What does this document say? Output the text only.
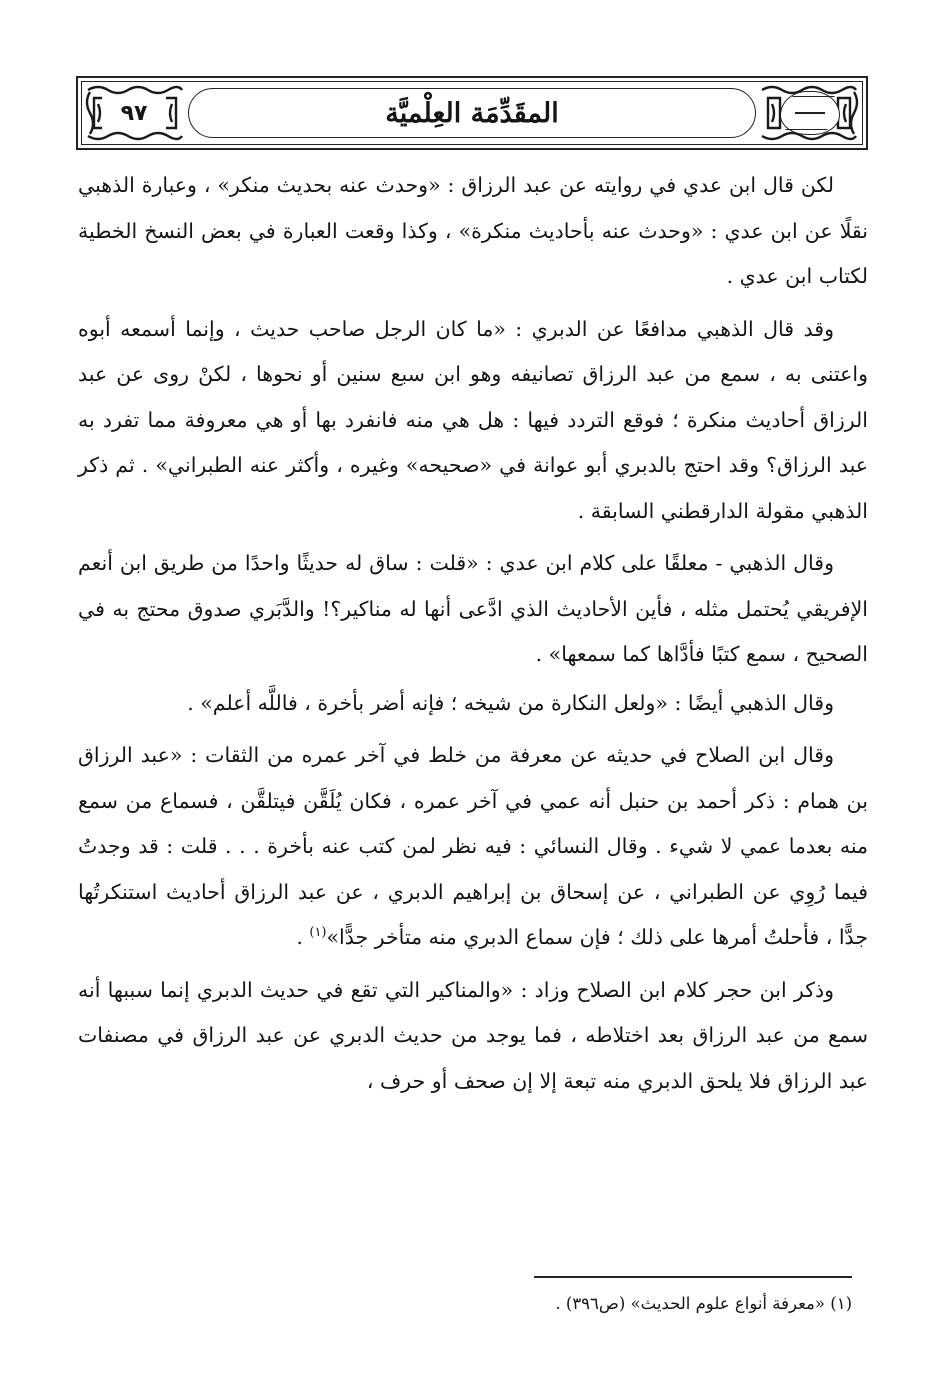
٩٧	المقَدِّمَة العِلْميَّة

لكن قال ابن عدي في روايته عن عبد الرزاق : «وحدث عنه بحديث منكر» ، وعبارة الذهبي نقلًا عن ابن عدي : «وحدث عنه بأحاديث منكرة» ، وكذا وقعت العبارة في بعض النسخ الخطية لكتاب ابن عدي .

وقد قال الذهبي مدافعًا عن الدبري : «ما كان الرجل صاحب حديث ، وإنما أسمعه أبوه واعتنى به ، سمع من عبد الرزاق تصانيفه وهو ابن سبع سنين أو نحوها ، لكنْ روى عن عبد الرزاق أحاديث منكرة ؛ فوقع التردد فيها : هل هي منه فانفرد بها أو هي معروفة مما تفرد به عبد الرزاق؟ وقد احتج بالدبري أبو عوانة في «صحيحه» وغيره ، وأكثر عنه الطبراني» . ثم ذكر الذهبي مقولة الدارقطني السابقة .

وقال الذهبي - معلقًا على كلام ابن عدي : «قلت : ساق له حديثًا واحدًا من طريق ابن أنعم الإفريقي يُحتمل مثله ، فأين الأحاديث الذي ادَّعى أنها له مناكير؟! والدَّبَري صدوق محتج به في الصحيح ، سمع كتبًا فأدَّاها كما سمعها» .

وقال الذهبي أيضًا : «ولعل النكارة من شيخه ؛ فإنه أضر بأخرة ، فاللَّه أعلم» .

وقال ابن الصلاح في حديثه عن معرفة من خلط في آخر عمره من الثقات : «عبد الرزاق بن همام : ذكر أحمد بن حنبل أنه عمي في آخر عمره ، فكان يُلَقَّن فيتلقَّن ، فسماع من سمع منه بعدما عمي لا شيء . وقال النسائي : فيه نظر لمن كتب عنه بأخرة . . . قلت : قد وجدتُ فيما رُوِي عن الطبراني ، عن إسحاق بن إبراهيم الدبري ، عن عبد الرزاق أحاديث استنكرتُها جدًّا ، فأحلتُ أمرها على ذلك ؛ فإن سماع الدبري منه متأخر جدًّا»$^{(١)}$ .

وذكر ابن حجر كلام ابن الصلاح وزاد : «والمناكير التي تقع في حديث الدبري إنما سببها أنه سمع من عبد الرزاق بعد اختلاطه ، فما يوجد من حديث الدبري عن عبد الرزاق في مصنفات عبد الرزاق فلا يلحق الدبري منه تبعة إلا إن صحف أو حرف ،

(١) «معرفة أنواع علوم الحديث» (ص٣٩٦) .
